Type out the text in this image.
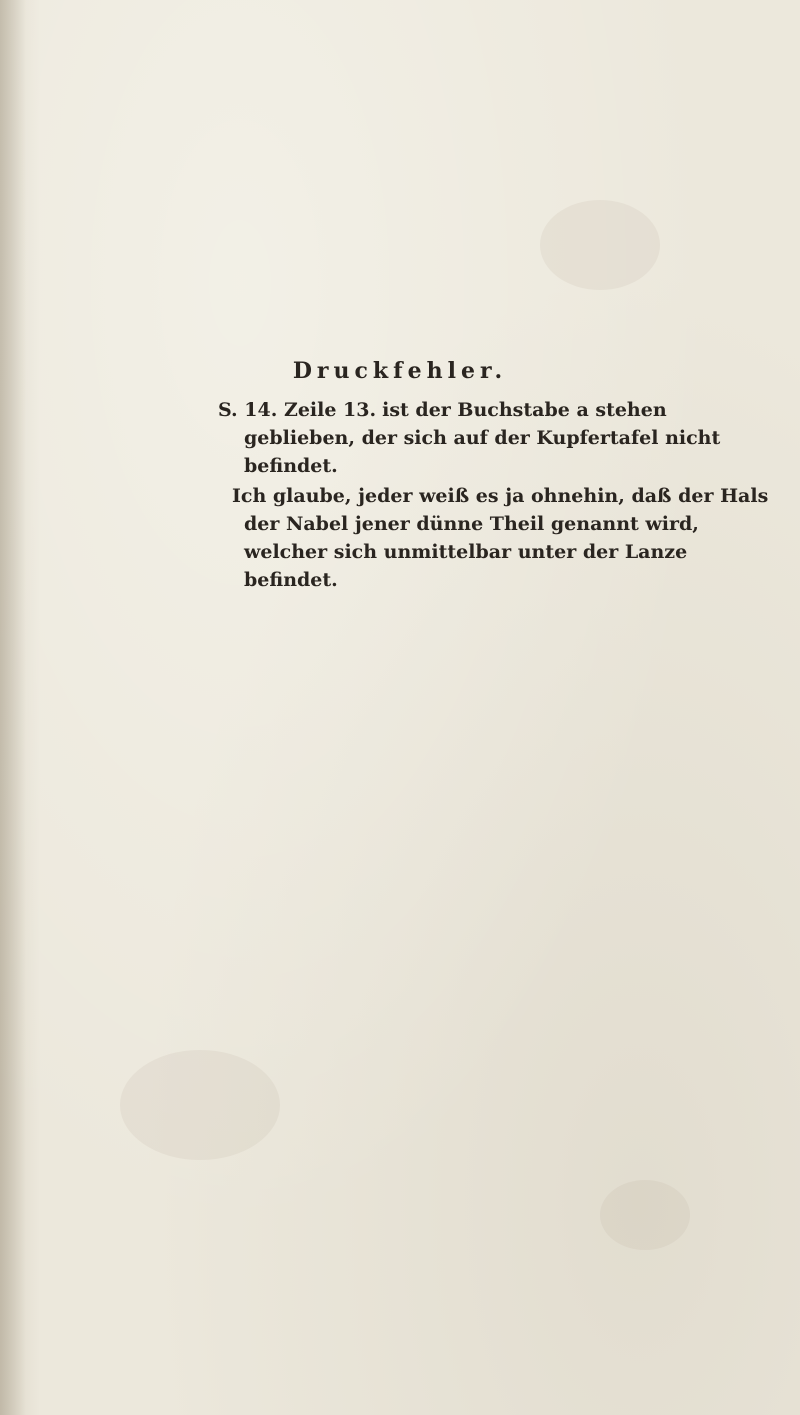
Druckfehler.

S. 14. Zeile 13. ist der Buchstabe a stehen geblieben, der sich auf der Kupfertafel nicht befindet.

Ich glaube, jeder weiß es ja ohnehin, daß der Hals der Nabel jener dünne Theil genannt wird, welcher sich unmittelbar unter der Lanze befindet.
